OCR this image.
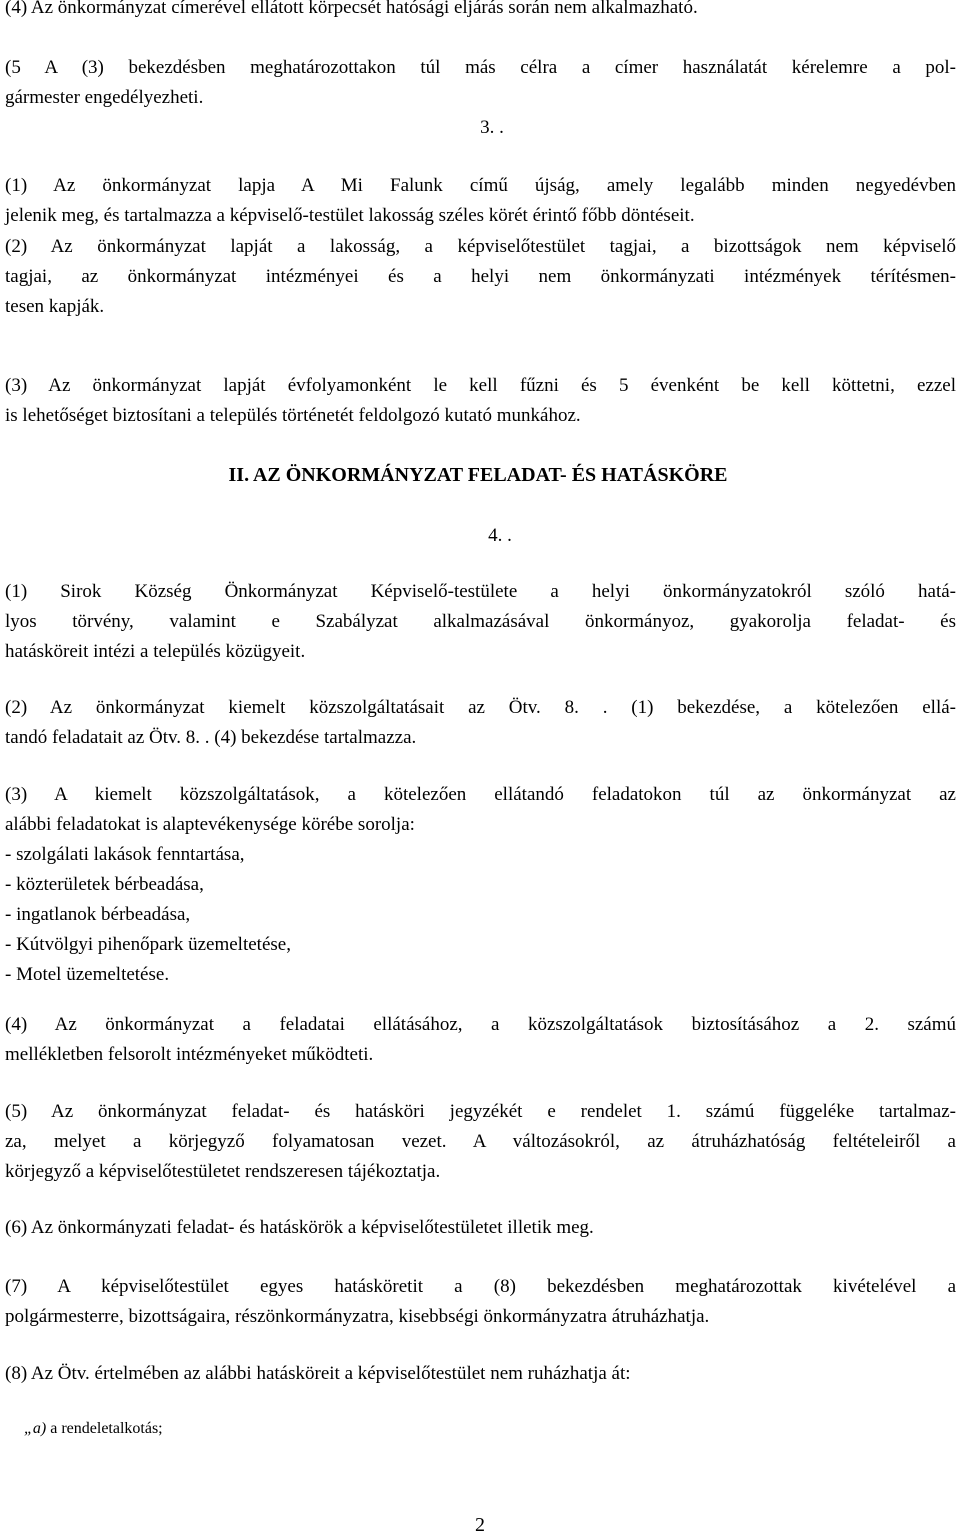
(4) Az önkormányzat címerével ellátott körpecsét hatósági eljárás során nem alkalmazható.

(5 A (3) bekezdésben meghatározottakon túl más célra a címer használatát kérelemre a pol-
gármester engedélyezheti.

3. .

(1) Az önkormányzat lapja A Mi Falunk című újság, amely legalább minden negyedévben
jelenik meg, és tartalmazza a képviselő-testület lakosság széles körét érintő főbb döntéseit.

(2) Az önkormányzat lapját a lakosság, a képviselőtestület tagjai, a bizottságok nem képviselő
tagjai, az önkormányzat intézményei és a helyi nem önkormányzati intézmények térítésmen-
tesen kapják.

(3) Az önkormányzat lapját évfolyamonként le kell fűzni és 5 évenként be kell köttetni, ezzel
is lehetőséget biztosítani a település történetét feldolgozó kutató munkához.

II. AZ ÖNKORMÁNYZAT FELADAT- ÉS HATÁSKÖRE
4. .

(1) Sirok Község Önkormányzat Képviselő-testülete a helyi önkormányzatokról szóló hatá-
lyos törvény, valamint e Szabályzat alkalmazásával önkormányoz, gyakorolja feladat- és
hatásköreit intézi a település közügyeit.

(2) Az önkormányzat kiemelt közszolgáltatásait az Ötv. 8. . (1) bekezdése, a kötelezően ellá-
tandó feladatait az Ötv. 8. . (4) bekezdése tartalmazza.

(3) A kiemelt közszolgáltatások, a kötelezően ellátandó feladatokon túl az önkormányzat az
alábbi feladatokat is alaptevékenysége körébe sorolja:
- szolgálati lakások fenntartása,
- közterületek bérbeadása,
- ingatlanok bérbeadása,
- Kútvölgyi pihenőpark üzemeltetése,
- Motel üzemeltetése.

(4) Az önkormányzat a feladatai ellátásához, a közszolgáltatások biztosításához a 2. számú
mellékletben felsorolt intézményeket működteti.

(5) Az önkormányzat feladat- és hatásköri jegyzékét e rendelet 1. számú függeléke tartalmaz-
za, melyet a körjegyző folyamatosan vezet. A változásokról, az átruházhatóság feltételeiről a
körjegyző a képviselőtestületet rendszeresen tájékoztatja.

(6) Az önkormányzati feladat- és hatáskörök a képviselőtestületet illetik meg.

(7) A képviselőtestület egyes hatásköretit a (8) bekezdésben meghatározottak kivételével a
polgármesterre, bizottságaira, részönkormányzatra, kisebbségi önkormányzatra átruházhatja.

(8) Az Ötv. értelmében az alábbi hatásköreit a képviselőtestület nem ruházhatja át:

„a) a rendeletalkotás;
2
